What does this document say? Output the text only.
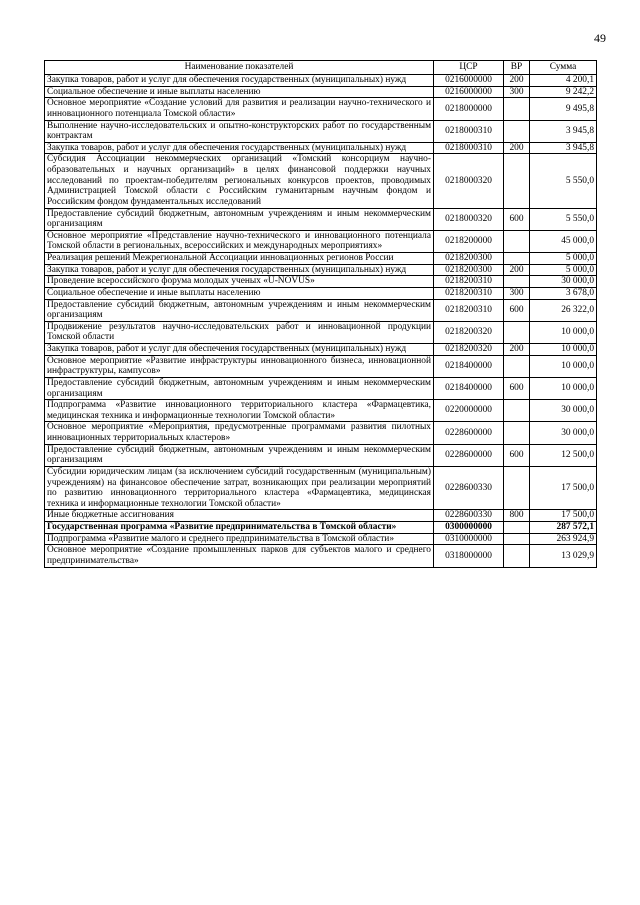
49
Наименование показателей	ЦСР	ВР	Сумма
Закупка товаров, работ и услуг для обеспечения государственных (муниципальных) нужд	0216000000	200	4 200,1
Социальное обеспечение и иные выплаты населению	0216000000	300	9 242,2
Основное мероприятие «Создание условий для развития и реализации научно-технического и инновационного потенциала Томской области»	0218000000		9 495,8
Выполнение научно-исследовательских и опытно-конструкторских работ по государственным контрактам	0218000310		3 945,8
Закупка товаров, работ и услуг для обеспечения государственных (муниципальных) нужд	0218000310	200	3 945,8
Субсидия Ассоциации некоммерческих организаций «Томский консорциум научно-образовательных и научных организаций» в целях финансовой поддержки научных исследований по проектам-победителям региональных конкурсов проектов, проводимых Администрацией Томской области с Российским гуманитарным научным фондом и Российским фондом фундаментальных исследований	0218000320		5 550,0
Предоставление субсидий бюджетным, автономным учреждениям и иным некоммерческим организациям	0218000320	600	5 550,0
Основное мероприятие «Представление научно-технического и инновационного потенциала Томской области в региональных, всероссийских и международных мероприятиях»	0218200000		45 000,0
Реализация решений Межрегиональной Ассоциации инновационных регионов России	0218200300		5 000,0
Закупка товаров, работ и услуг для обеспечения государственных (муниципальных) нужд	0218200300	200	5 000,0
Проведение всероссийского форума молодых ученых «U-NOVUS»	0218200310		30 000,0
Социальное обеспечение и иные выплаты населению	0218200310	300	3 678,0
Предоставление субсидий бюджетным, автономным учреждениям и иным некоммерческим организациям	0218200310	600	26 322,0
Продвижение результатов научно-исследовательских работ и инновационной продукции Томской области	0218200320		10 000,0
Закупка товаров, работ и услуг для обеспечения государственных (муниципальных) нужд	0218200320	200	10 000,0
Основное мероприятие «Развитие инфраструктуры инновационного бизнеса, инновационной инфраструктуры, кампусов»	0218400000		10 000,0
Предоставление субсидий бюджетным, автономным учреждениям и иным некоммерческим организациям	0218400000	600	10 000,0
Подпрограмма «Развитие инновационного территориального кластера «Фармацевтика, медицинская техника и информационные технологии Томской области»	0220000000		30 000,0
Основное мероприятие «Мероприятия, предусмотренные программами развития пилотных инновационных территориальных кластеров»	0228600000		30 000,0
Предоставление субсидий бюджетным, автономным учреждениям и иным некоммерческим организациям	0228600000	600	12 500,0
Субсидии юридическим лицам (за исключением субсидий государственным (муниципальным) учреждениям) на финансовое обеспечение затрат, возникающих при реализации мероприятий по развитию инновационного территориального кластера «Фармацевтика, медицинская техника и информационные технологии Томской области»	0228600330		17 500,0
Иные бюджетные ассигнования	0228600330	800	17 500,0
Государственная программа «Развитие предпринимательства в Томской области»	0300000000		287 572,1
Подпрограмма «Развитие малого и среднего предпринимательства в Томской области»	0310000000		263 924,9
Основное мероприятие «Создание промышленных парков для субъектов малого и среднего предпринимательства»	0318000000		13 029,9
